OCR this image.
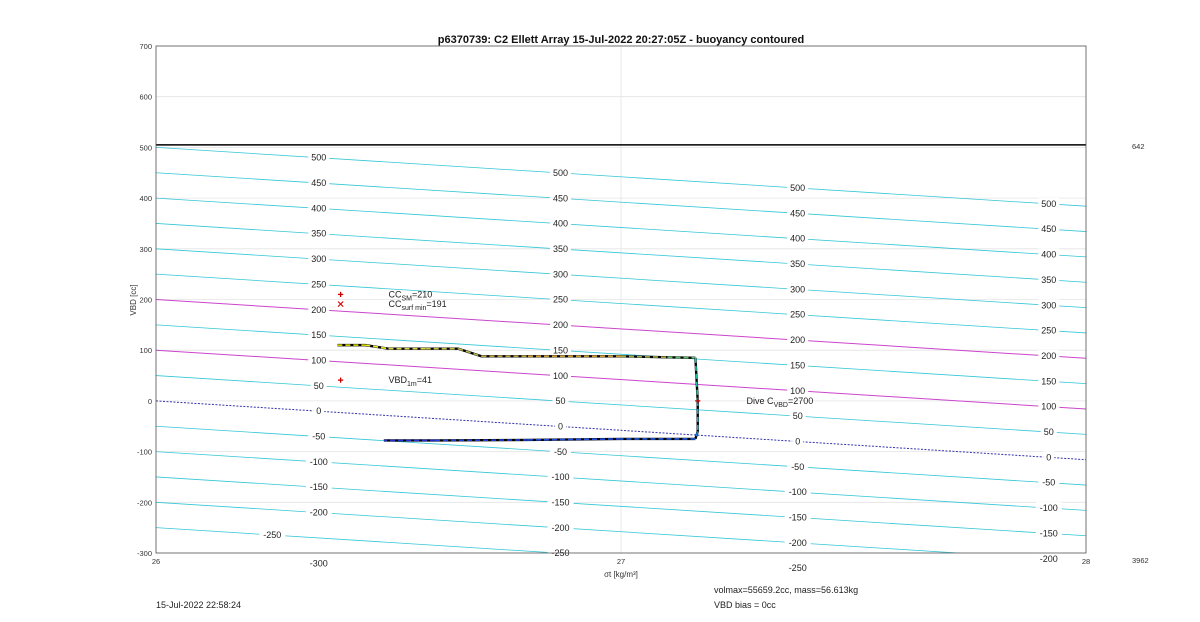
-300
-200
-150
-100
-50
0
50
100
150
200
250
300
350
400
450
500
-250
-200
-150
-100
-50
0
50
100
150
200
250
300
350
400
450
500
-250
-200
-150
-100
-50
0
50
100
150
200
250
300
350
400
450
500
-200
-150
-100
-50
0
50
100
150
200
250
300
350
400
450
500
-250
$CC_{SM}=210$
$CC_{surf min}=191$
$VBD_{1m}=41$
Dive $C_{VBD}=2700$
-300
-200
-100
0
100
200
300
400
500
600
700
26	27	28
p6370739: C2 Ellett Array 15-Jul-2022 20:27:05Z - buoyancy contoured
VBD [cc]
σt [kg/m³]
642
3962
15-Jul-2022 22:58:24
volmax=55659.2cc, mass=56.613kg
VBD bias = 0cc
